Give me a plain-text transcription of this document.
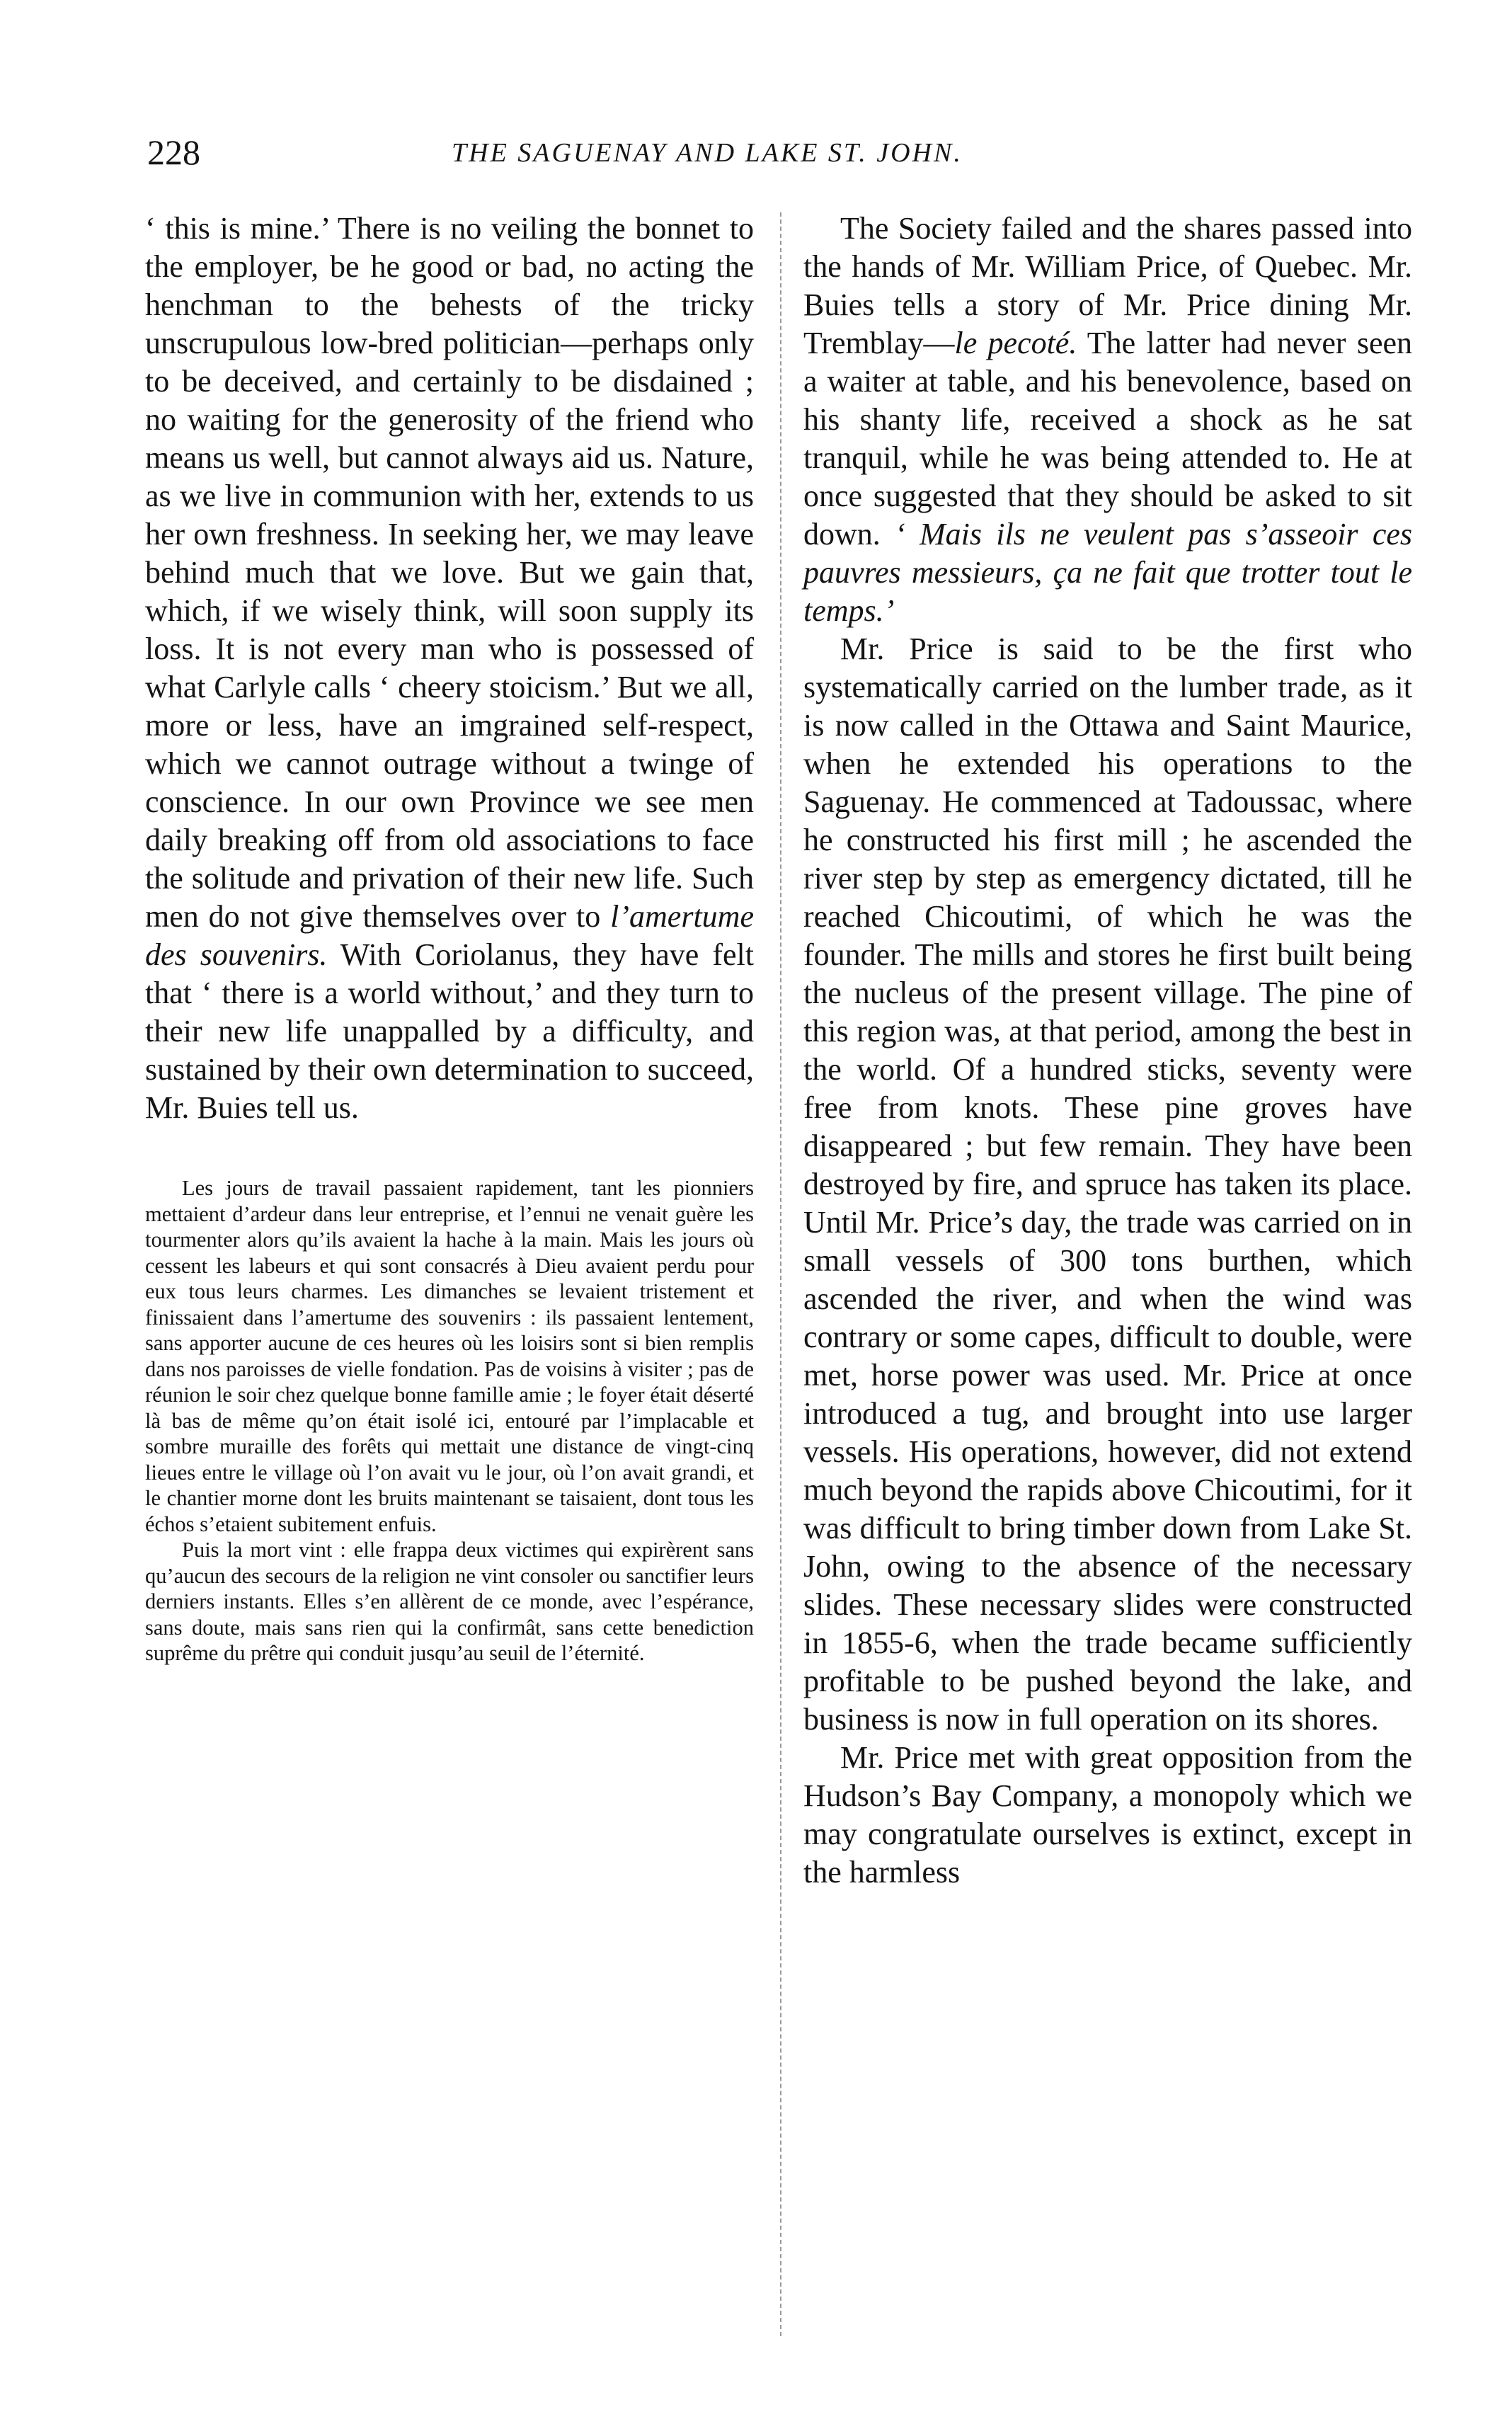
228	THE SAGUENAY AND LAKE ST. JOHN.

‘ this is mine.’ There is no veiling the bonnet to the employer, be he good or bad, no acting the henchman to the behests of the tricky unscrupulous low-bred politician—perhaps only to be deceived, and certainly to be disdained ; no waiting for the generosity of the friend who means us well, but cannot always aid us. Nature, as we live in communion with her, extends to us her own freshness. In seeking her, we may leave behind much that we love. But we gain that, which, if we wisely think, will soon supply its loss. It is not every man who is possessed of what Carlyle calls ‘ cheery stoicism.’ But we all, more or less, have an imgrained self-respect, which we cannot outrage without a twinge of conscience. In our own Province we see men daily breaking off from old associations to face the solitude and privation of their new life. Such men do not give themselves over to l’amertume des souvenirs. With Coriolanus, they have felt that ‘ there is a world without,’ and they turn to their new life unappalled by a difficulty, and sustained by their own determination to succeed, Mr. Buies tell us.

Les jours de travail passaient rapidement, tant les pionniers mettaient d’ardeur dans leur entreprise, et l’ennui ne venait guère les tourmenter alors qu’ils avaient la hache à la main. Mais les jours où cessent les labeurs et qui sont consacrés à Dieu avaient perdu pour eux tous leurs charmes. Les dimanches se levaient tristement et finissaient dans l’amertume des souvenirs : ils passaient lentement, sans apporter aucune de ces heures où les loisirs sont si bien remplis dans nos paroisses de vielle fondation. Pas de voisins à visiter ; pas de réunion le soir chez quelque bonne famille amie ; le foyer était déserté là bas de même qu’on était isolé ici, entouré par l’implacable et sombre muraille des forêts qui mettait une distance de vingt-cinq lieues entre le village où l’on avait vu le jour, où l’on avait grandi, et le chantier morne dont les bruits maintenant se taisaient, dont tous les échos s’etaient subitement enfuis.

Puis la mort vint : elle frappa deux victimes qui expirèrent sans qu’aucun des secours de la religion ne vint consoler ou sanctifier leurs derniers instants. Elles s’en allèrent de ce monde, avec l’espérance, sans doute, mais sans rien qui la confirmât, sans cette benediction suprême du prêtre qui conduit jusqu’au seuil de l’éternité.

The Society failed and the shares passed into the hands of Mr. William Price, of Quebec. Mr. Buies tells a story of Mr. Price dining Mr. Tremblay—le pecoté. The latter had never seen a waiter at table, and his benevolence, based on his shanty life, received a shock as he sat tranquil, while he was being attended to. He at once suggested that they should be asked to sit down. ‘ Mais ils ne veulent pas s’asseoir ces pauvres messieurs, ça ne fait que trotter tout le temps.’

Mr. Price is said to be the first who systematically carried on the lumber trade, as it is now called in the Ottawa and Saint Maurice, when he extended his operations to the Saguenay. He commenced at Tadoussac, where he constructed his first mill ; he ascended the river step by step as emergency dictated, till he reached Chicoutimi, of which he was the founder. The mills and stores he first built being the nucleus of the present village. The pine of this region was, at that period, among the best in the world. Of a hundred sticks, seventy were free from knots. These pine groves have disappeared ; but few remain. They have been destroyed by fire, and spruce has taken its place. Until Mr. Price’s day, the trade was carried on in small vessels of 300 tons burthen, which ascended the river, and when the wind was contrary or some capes, difficult to double, were met, horse power was used. Mr. Price at once introduced a tug, and brought into use larger vessels. His operations, however, did not extend much beyond the rapids above Chicoutimi, for it was difficult to bring timber down from Lake St. John, owing to the absence of the necessary slides. These necessary slides were constructed in 1855-6, when the trade became sufficiently profitable to be pushed beyond the lake, and business is now in full operation on its shores.

Mr. Price met with great opposition from the Hudson’s Bay Company, a monopoly which we may congratulate ourselves is extinct, except in the harmless
